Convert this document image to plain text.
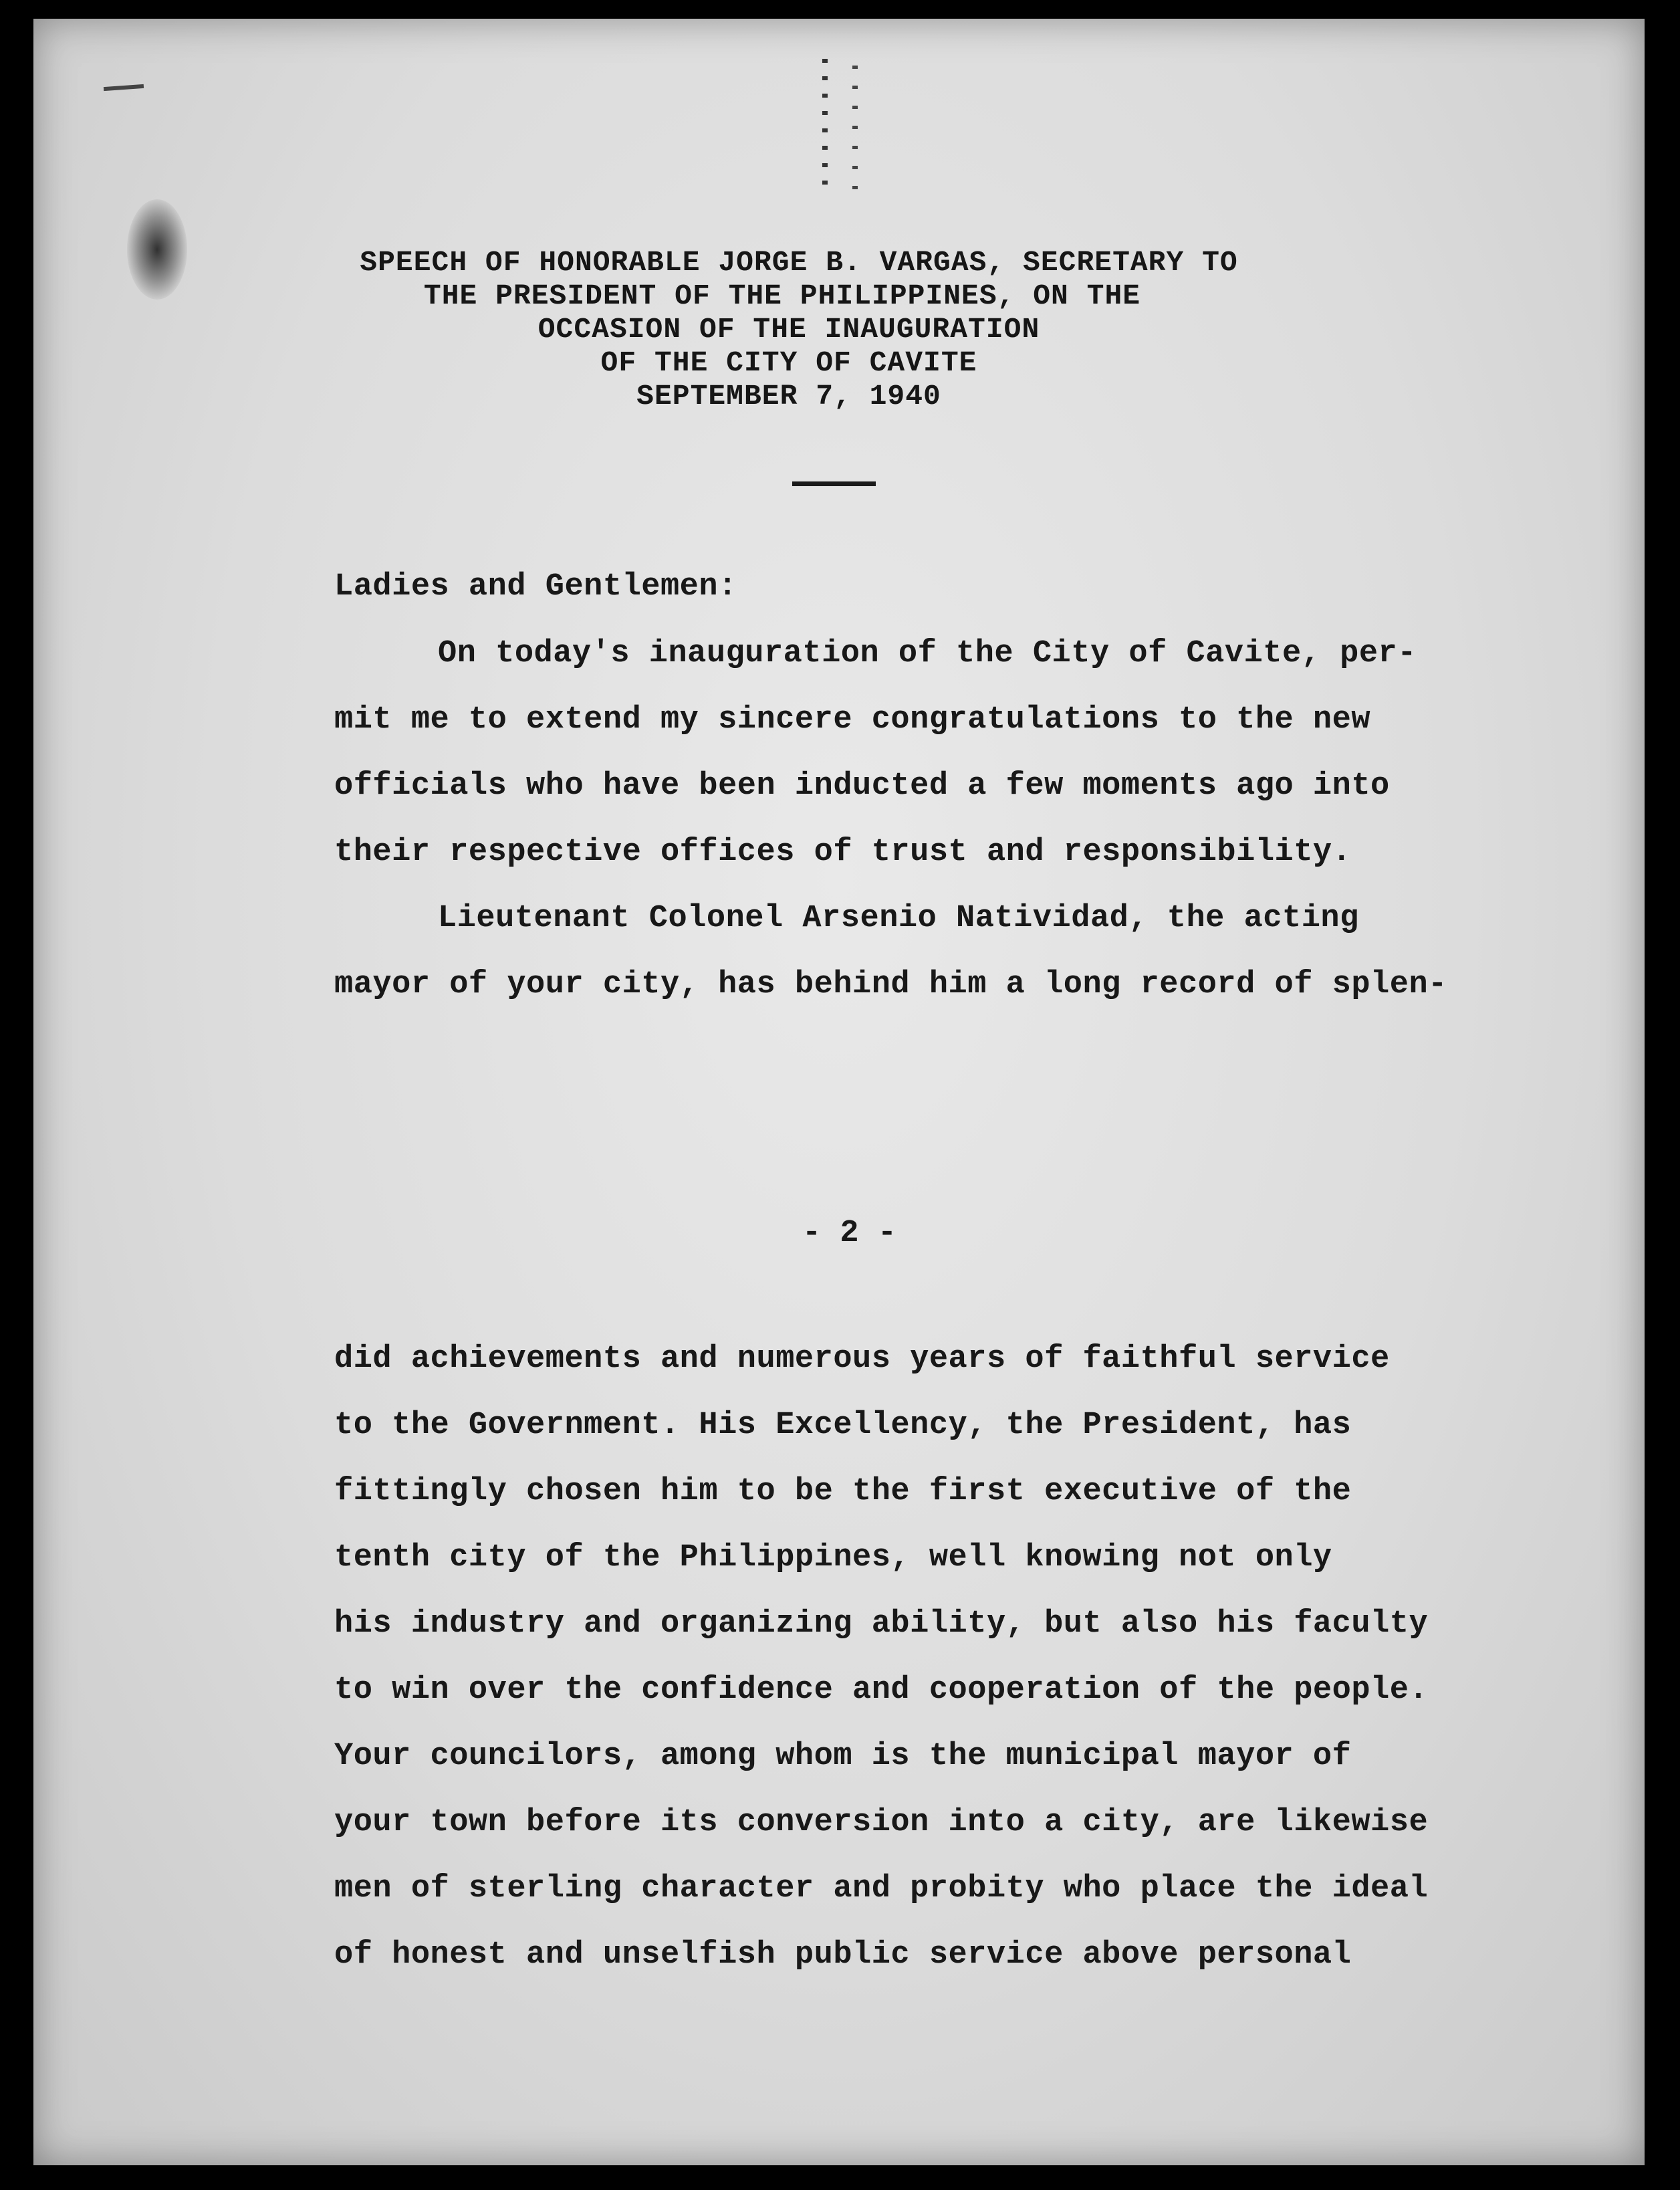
SPEECH OF HONORABLE JORGE B. VARGAS, SECRETARY TO
THE PRESIDENT OF THE PHILIPPINES, ON THE
OCCASION OF THE INAUGURATION
OF THE CITY OF CAVITE
SEPTEMBER 7, 1940
Ladies and Gentlemen:
On today's inauguration of the City of Cavite, per-
mit me to extend my sincere congratulations to the new
officials who have been inducted a few moments ago into
their respective offices of trust and responsibility.
Lieutenant Colonel Arsenio Natividad, the acting
mayor of your city, has behind him a long record of splen-
- 2 -
did achievements and numerous years of faithful service
to the Government. His Excellency, the President, has
fittingly chosen him to be the first executive of the
tenth city of the Philippines, well knowing not only
his industry and organizing ability, but also his faculty
to win over the confidence and cooperation of the people.
Your councilors, among whom is the municipal mayor of
your town before its conversion into a city, are likewise
men of sterling character and probity who place the ideal
of honest and unselfish public service above personal
